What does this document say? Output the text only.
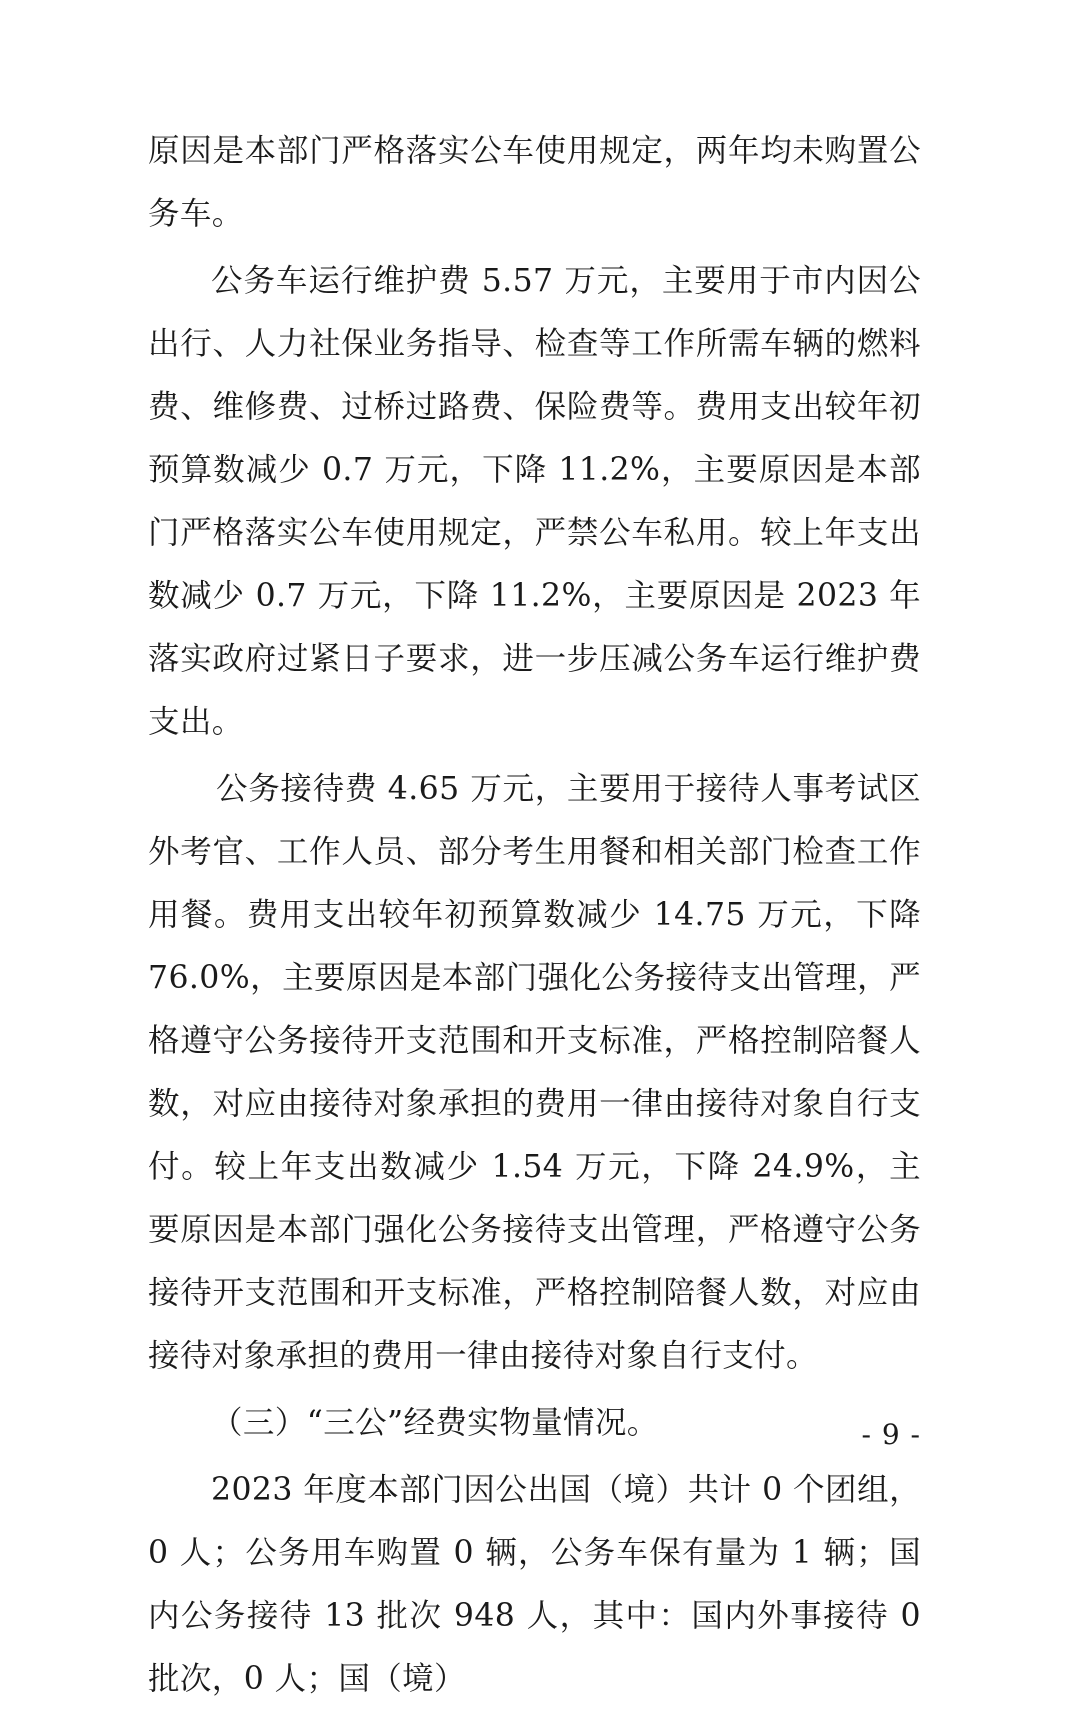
原因是本部门严格落实公车使用规定，两年均未购置公务车。

公务车运行维护费 5.57 万元，主要用于市内因公出行、人力社保业务指导、检查等工作所需车辆的燃料费、维修费、过桥过路费、保险费等。费用支出较年初预算数减少 0.7 万元，下降 11.2%，主要原因是本部门严格落实公车使用规定，严禁公车私用。较上年支出数减少 0.7 万元，下降 11.2%，主要原因是 2023 年落实政府过紧日子要求，进一步压减公务车运行维护费支出。

公务接待费 4.65 万元，主要用于接待人事考试区外考官、工作人员、部分考生用餐和相关部门检查工作用餐。费用支出较年初预算数减少 14.75 万元，下降 76.0%，主要原因是本部门强化公务接待支出管理，严格遵守公务接待开支范围和开支标准，严格控制陪餐人数，对应由接待对象承担的费用一律由接待对象自行支付。较上年支出数减少 1.54 万元，下降 24.9%，主要原因是本部门强化公务接待支出管理，严格遵守公务接待开支范围和开支标准，严格控制陪餐人数，对应由接待对象承担的费用一律由接待对象自行支付。

（三）“三公”经费实物量情况。

2023 年度本部门因公出国（境）共计 0 个团组，0 人；公务用车购置 0 辆，公务车保有量为 1 辆；国内公务接待 13 批次 948 人，其中：国内外事接待 0 批次，0 人；国（境）

- 9 -
